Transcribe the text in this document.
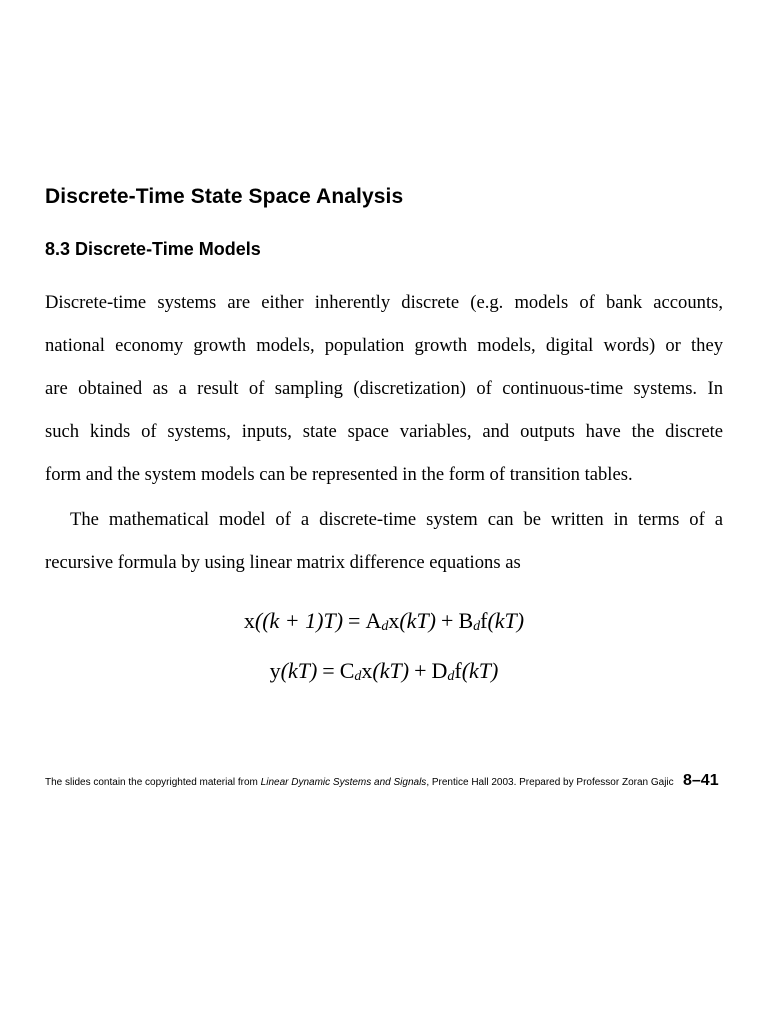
Discrete-Time State Space Analysis
8.3 Discrete-Time Models
Discrete-time systems are either inherently discrete (e.g. models of bank accounts,
national economy growth models, population growth models, digital words) or they
are obtained as a result of sampling (discretization) of continuous-time systems. In
such kinds of systems, inputs, state space variables, and outputs have the discrete
form and the system models can be represented in the form of transition tables.
The mathematical model of a discrete-time system can be written in terms of a
recursive formula by using linear matrix difference equations as
x((k + 1)T) = Adx(kT) + Bdf(kT)
y(kT) = Cdx(kT) + Ddf(kT)
The slides contain the copyrighted material from Linear Dynamic Systems and Signals, Prentice Hall 2003. Prepared by Professor Zoran Gajic 8–41
